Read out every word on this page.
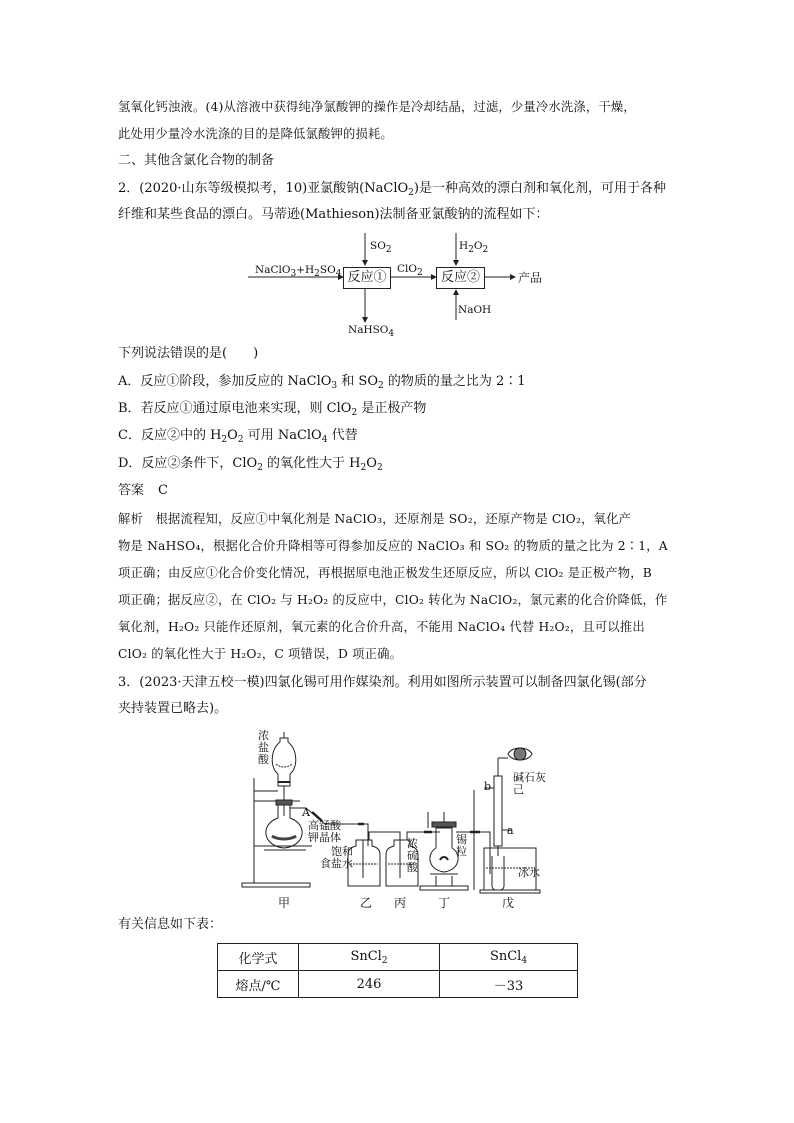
氢氧化钙浊液。(4)从溶液中获得纯净氯酸钾的操作是冷却结晶，过滤，少量冷水洗涤，干燥，
此处用少量冷水洗涤的目的是降低氯酸钾的损耗。
二、其他含氯化合物的制备
2．(2020·山东等级模拟考，10)亚氯酸钠(NaClO$_2$)是一种高效的漂白剂和氧化剂，可用于各种
纤维和某些食品的漂白。马蒂逊(Mathieson)法制备亚氯酸钠的流程如下：
NaClO3+H2SO4
SO2
反应①
ClO2	反应②
H2O2
产品
NaHSO4
NaOH
下列说法错误的是(　　)
A．反应①阶段，参加反应的 NaClO$_3$ 和 $SO_2$ 的物质的量之比为 2∶1
B．若反应①通过原电池来实现，则 ClO$_2$ 是正极产物
C．反应②中的 $H_2O_2$ 可用 NaClO$_4$ 代替
D．反应②条件下，ClO$_2$ 的氧化性大于 $H_2O_2$
答案 C
解析　根据流程知，反应①中氧化剂是 NaClO₃，还原剂是 SO₂，还原产物是 ClO₂，氧化产
物是 NaHSO₄，根据化合价升降相等可得参加反应的 NaClO₃ 和 SO₂ 的物质的量之比为 2∶1，A
项正确；由反应①化合价变化情况，再根据原电池正极发生还原反应，所以 ClO₂ 是正极产物，B
项正确；据反应②，在 ClO₂ 与 H₂O₂ 的反应中，ClO₂ 转化为 NaClO₂，氯元素的化合价降低，作
氧化剂，H₂O₂ 只能作还原剂，氧元素的化合价升高，不能用 NaClO₄ 代替 H₂O₂，且可以推出
ClO₂ 的氧化性大于 H₂O₂，C 项错误，D 项正确。
3．(2023·天津五校一模)四氯化锡可用作媒染剂。利用如图所示装置可以制备四氯化锡(部分
夹持装置已略去)。
浓
盐
酸
A
高锰酸
钾晶体
饱和
食盐水
浓
硫
酸
锡
粒
b
a
碱石灰
己
冰水
甲	乙 丙	丁	戊
有关信息如下表：
化学式	SnCl$_2$	SnCl$_4$
熔点/℃	246	－33
